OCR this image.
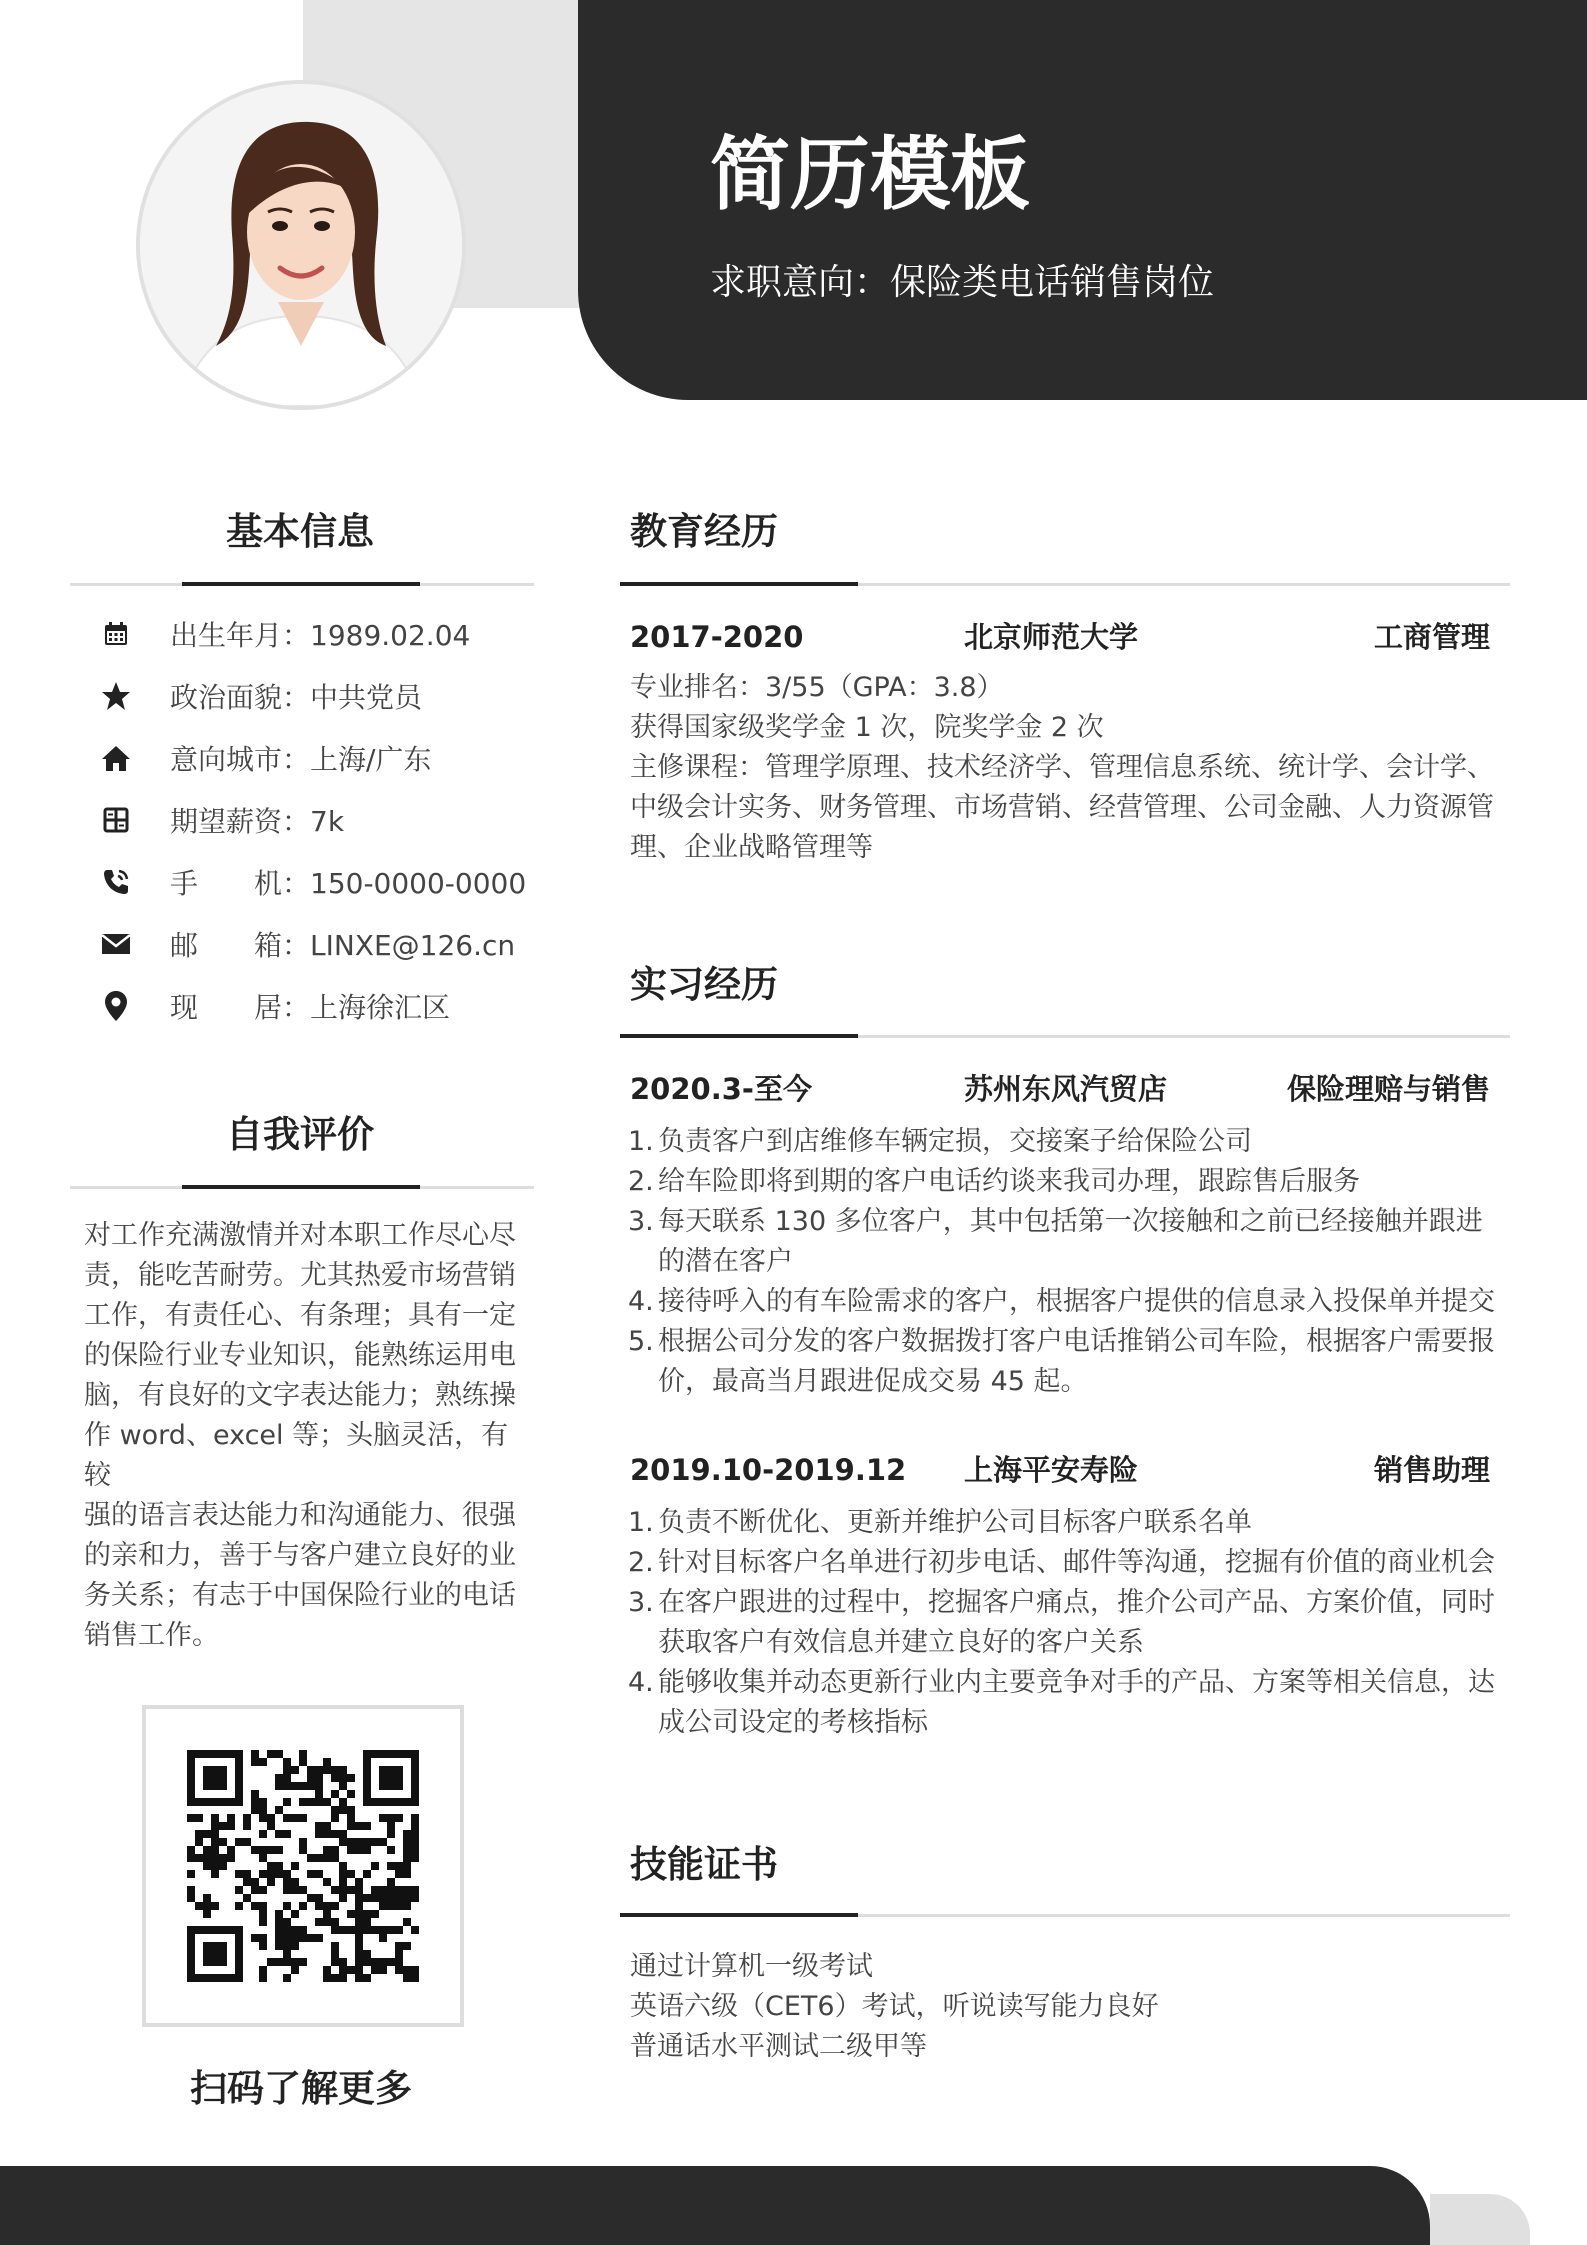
简历模板
求职意向：保险类电话销售岗位
基本信息
出生年月：1989.02.04
政治面貌：中共党员
意向城市：上海/广东
期望薪资：7k
手　　机：150-0000-0000
邮　　箱：LINXE@126.cn
现　　居：上海徐汇区
自我评价
对工作充满激情并对本职工作尽心尽
责，能吃苦耐劳。尤其热爱市场营销
工作，有责任心、有条理；具有一定
的保险行业专业知识，能熟练运用电
脑，有良好的文字表达能力；熟练操
作 word、excel 等；头脑灵活，有较
强的语言表达能力和沟通能力、很强
的亲和力，善于与客户建立良好的业
务关系；有志于中国保险行业的电话
销售工作。
扫码了解更多
教育经历
2017-2020	北京师范大学	工商管理
专业排名：3/55（GPA：3.8）
获得国家级奖学金 1 次，院奖学金 2 次
主修课程：管理学原理、技术经济学、管理信息系统、统计学、会计学、
中级会计实务、财务管理、市场营销、经营管理、公司金融、人力资源管
理、企业战略管理等
实习经历
2020.3-至今	苏州东风汽贸店	保险理赔与销售
1. 负责客户到店维修车辆定损，交接案子给保险公司
2. 给车险即将到期的客户电话约谈来我司办理，跟踪售后服务
3. 每天联系 130 多位客户，其中包括第一次接触和之前已经接触并跟进的潜在客户
4. 接待呼入的有车险需求的客户，根据客户提供的信息录入投保单并提交
5. 根据公司分发的客户数据拨打客户电话推销公司车险，根据客户需要报价，最高当月跟进促成交易 45 起。
2019.10-2019.12 上海平安寿险	销售助理
1. 负责不断优化、更新并维护公司目标客户联系名单
2. 针对目标客户名单进行初步电话、邮件等沟通，挖掘有价值的商业机会
3. 在客户跟进的过程中，挖掘客户痛点，推介公司产品、方案价值，同时获取客户有效信息并建立良好的客户关系
4. 能够收集并动态更新行业内主要竞争对手的产品、方案等相关信息，达成公司设定的考核指标
技能证书
通过计算机一级考试
英语六级（CET6）考试，听说读写能力良好
普通话水平测试二级甲等
